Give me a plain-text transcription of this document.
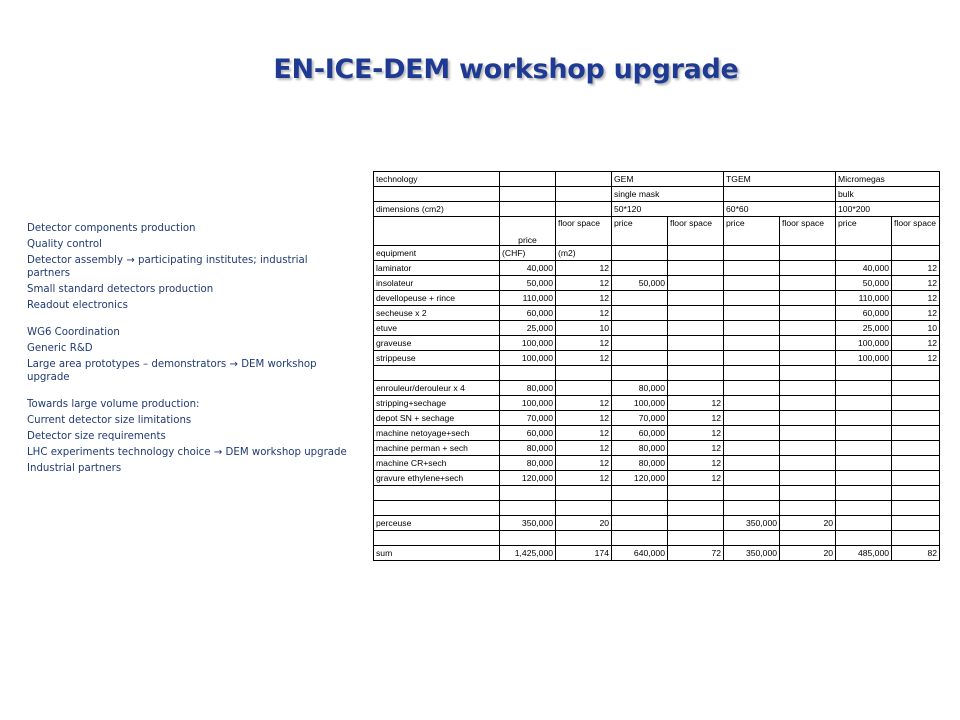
EN-ICE-DEM workshop upgrade
Detector components production
Quality control
Detector assembly → participating institutes; industrial partners
Small standard detectors production
Readout electronics
WG6 Coordination
Generic R&D
Large area prototypes – demonstrators → DEM workshop upgrade
Towards large volume production:
Current detector size limitations
Detector size requirements
LHC experiments technology choice → DEM workshop upgrade
Industrial partners
technology			GEM		TGEM		Micromegas	
			single mask				bulk	
dimensions (cm2)			50*120		60*60		100*200	
	price	floor space	price	floor space	price	floor space	price	floor space
equipment	(CHF)	(m2)						
laminator	40,000	12					40,000	12
insolateur	50,000	12	50,000				50,000	12
devellopeuse + rince	110,000	12					110,000	12
secheuse x 2	60,000	12					60,000	12
etuve	25,000	10					25,000	10
graveuse	100,000	12					100,000	12
strippeuse	100,000	12					100,000	12

enrouleur/derouleur x 4	80,000		80,000					
stripping+sechage	100,000	12	100,000	12				
depot SN + sechage	70,000	12	70,000	12				
machine netoyage+sech	60,000	12	60,000	12				
machine perman + sech	80,000	12	80,000	12				
machine CR+sech	80,000	12	80,000	12				
gravure ethylene+sech	120,000	12	120,000	12				

perceuse	350,000	20			350,000	20		

sum	1,425,000	174	640,000	72	350,000	20	485,000	82
